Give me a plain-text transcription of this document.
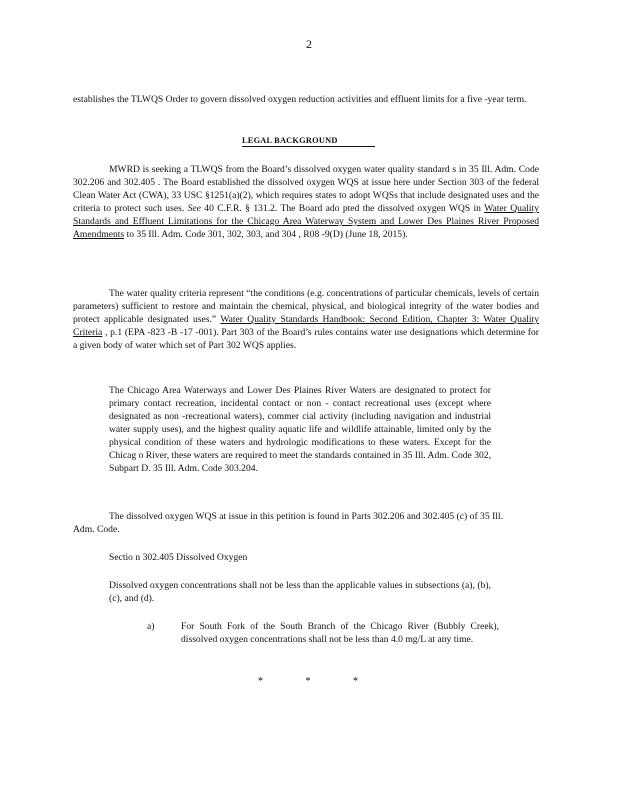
2
establishes the TLWQS Order to govern dissolved oxygen reduction activities and effluent limits for a five -year term.
LEGAL BACKGROUND
MWRD is seeking a TLWQS from the Board’s dissolved oxygen water quality standard s in 35 Ill. Adm. Code 302.206 and 302.405 . The Board established the dissolved oxygen WQS at issue here under Section 303 of the federal Clean Water Act (CWA), 33 USC §1251(a)(2), which requires states to adopt WQSs that include designated uses and the criteria to protect such uses. See 40 C.F.R. § 131.2. The Board ado pted the dissolved oxygen WQS in Water Quality Standards and Effluent Limitations for the Chicago Area Waterway System and Lower Des Plaines River Proposed Amendments to 35 Ill. Adm. Code 301, 302, 303, and 304 , R08 -9(D) (June 18, 2015).
The water quality criteria represent “the conditions (e.g. concentrations of particular chemicals, levels of certain parameters) sufficient to restore and maintain the chemical, physical, and biological integrity of the water bodies and protect applicable designated uses.” Water Quality Standards Handbook: Second Edition, Chapter 3: Water Quality Criteria , p.1 (EPA -823 -B -17 -001). Part 303 of the Board’s rules contains water use designations which determine for a given body of water which set of Part 302 WQS applies.
The Chicago Area Waterways and Lower Des Plaines River Waters are designated to protect for primary contact recreation, incidental contact or non - contact recreational uses (except where designated as non -recreational waters), commer cial activity (including navigation and industrial water supply uses), and the highest quality aquatic life and wildlife attainable, limited only by the physical condition of these waters and hydrologic modifications to these waters. Except for the Chicag o River, these waters are required to meet the standards contained in 35 Ill. Adm. Code 302, Subpart D. 35 Ill. Adm. Code 303.204.
The dissolved oxygen WQS at issue in this petition is found in Parts 302.206 and 302.405 (c) of 35 Ill. Adm. Code.
Sectio n 302.405 Dissolved Oxygen
Dissolved oxygen concentrations shall not be less than the applicable values in subsections (a), (b), (c), and (d).
a)	For South Fork of the South Branch of the Chicago River (Bubbly Creek), dissolved oxygen concentrations shall not be less than 4.0 mg/L at any time.
*	*	*
